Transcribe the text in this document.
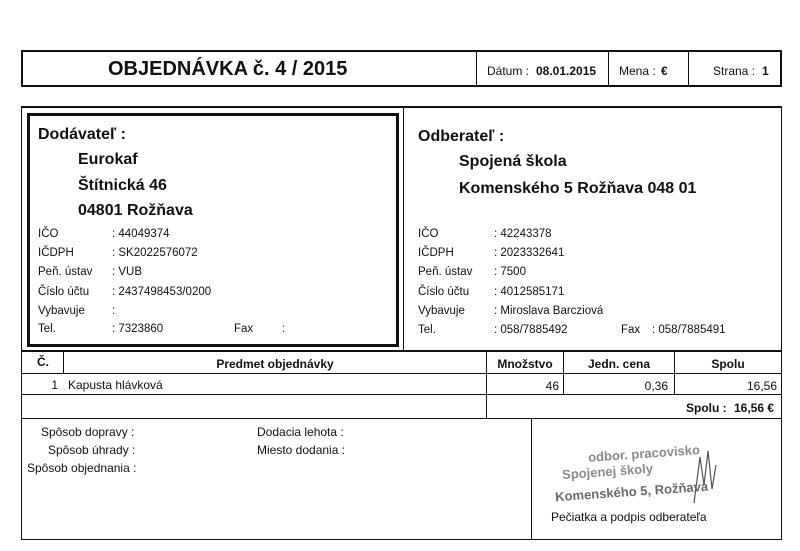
OBJEDNÁVKA č. 4 / 2015	Dátum : 08.01.2015 Mena : €	Strana : 1
Dodávateľ :
Eurokaf
Štítnická 46
04801 Rožňava
IČO	: 44049374
IČDPH	: SK2022576072
Peň. ústav : VUB
Číslo účtu : 2437498453/0200
Vybavuje :
Tel.	: 7323860	Fax	:
Odberateľ :
Spojená škola
Komenského 5 Rožňava 048 01
IČO	: 42243378
IČDPH	: 2023332641
Peň. ústav : 7500
Číslo účtu : 4012585171
Vybavuje	: Miroslava Barcziová
Tel.	: 058/7885492	Fax : 058/7885491
Č.	Predmet objednávky	Množstvo	Jedn. cena	Spolu
1 Kapusta hlávková	46	0,36	16,56
Spolu : 16,56 €
Spôsob dopravy :
Spôsob úhrady :
Spôsob objednania :
Dodacia lehota :
Miesto dodania :	odbor. pracovisko
Spojenej školy
Komenského 5, Rožňava
Pečiatka a podpis odberateľa
